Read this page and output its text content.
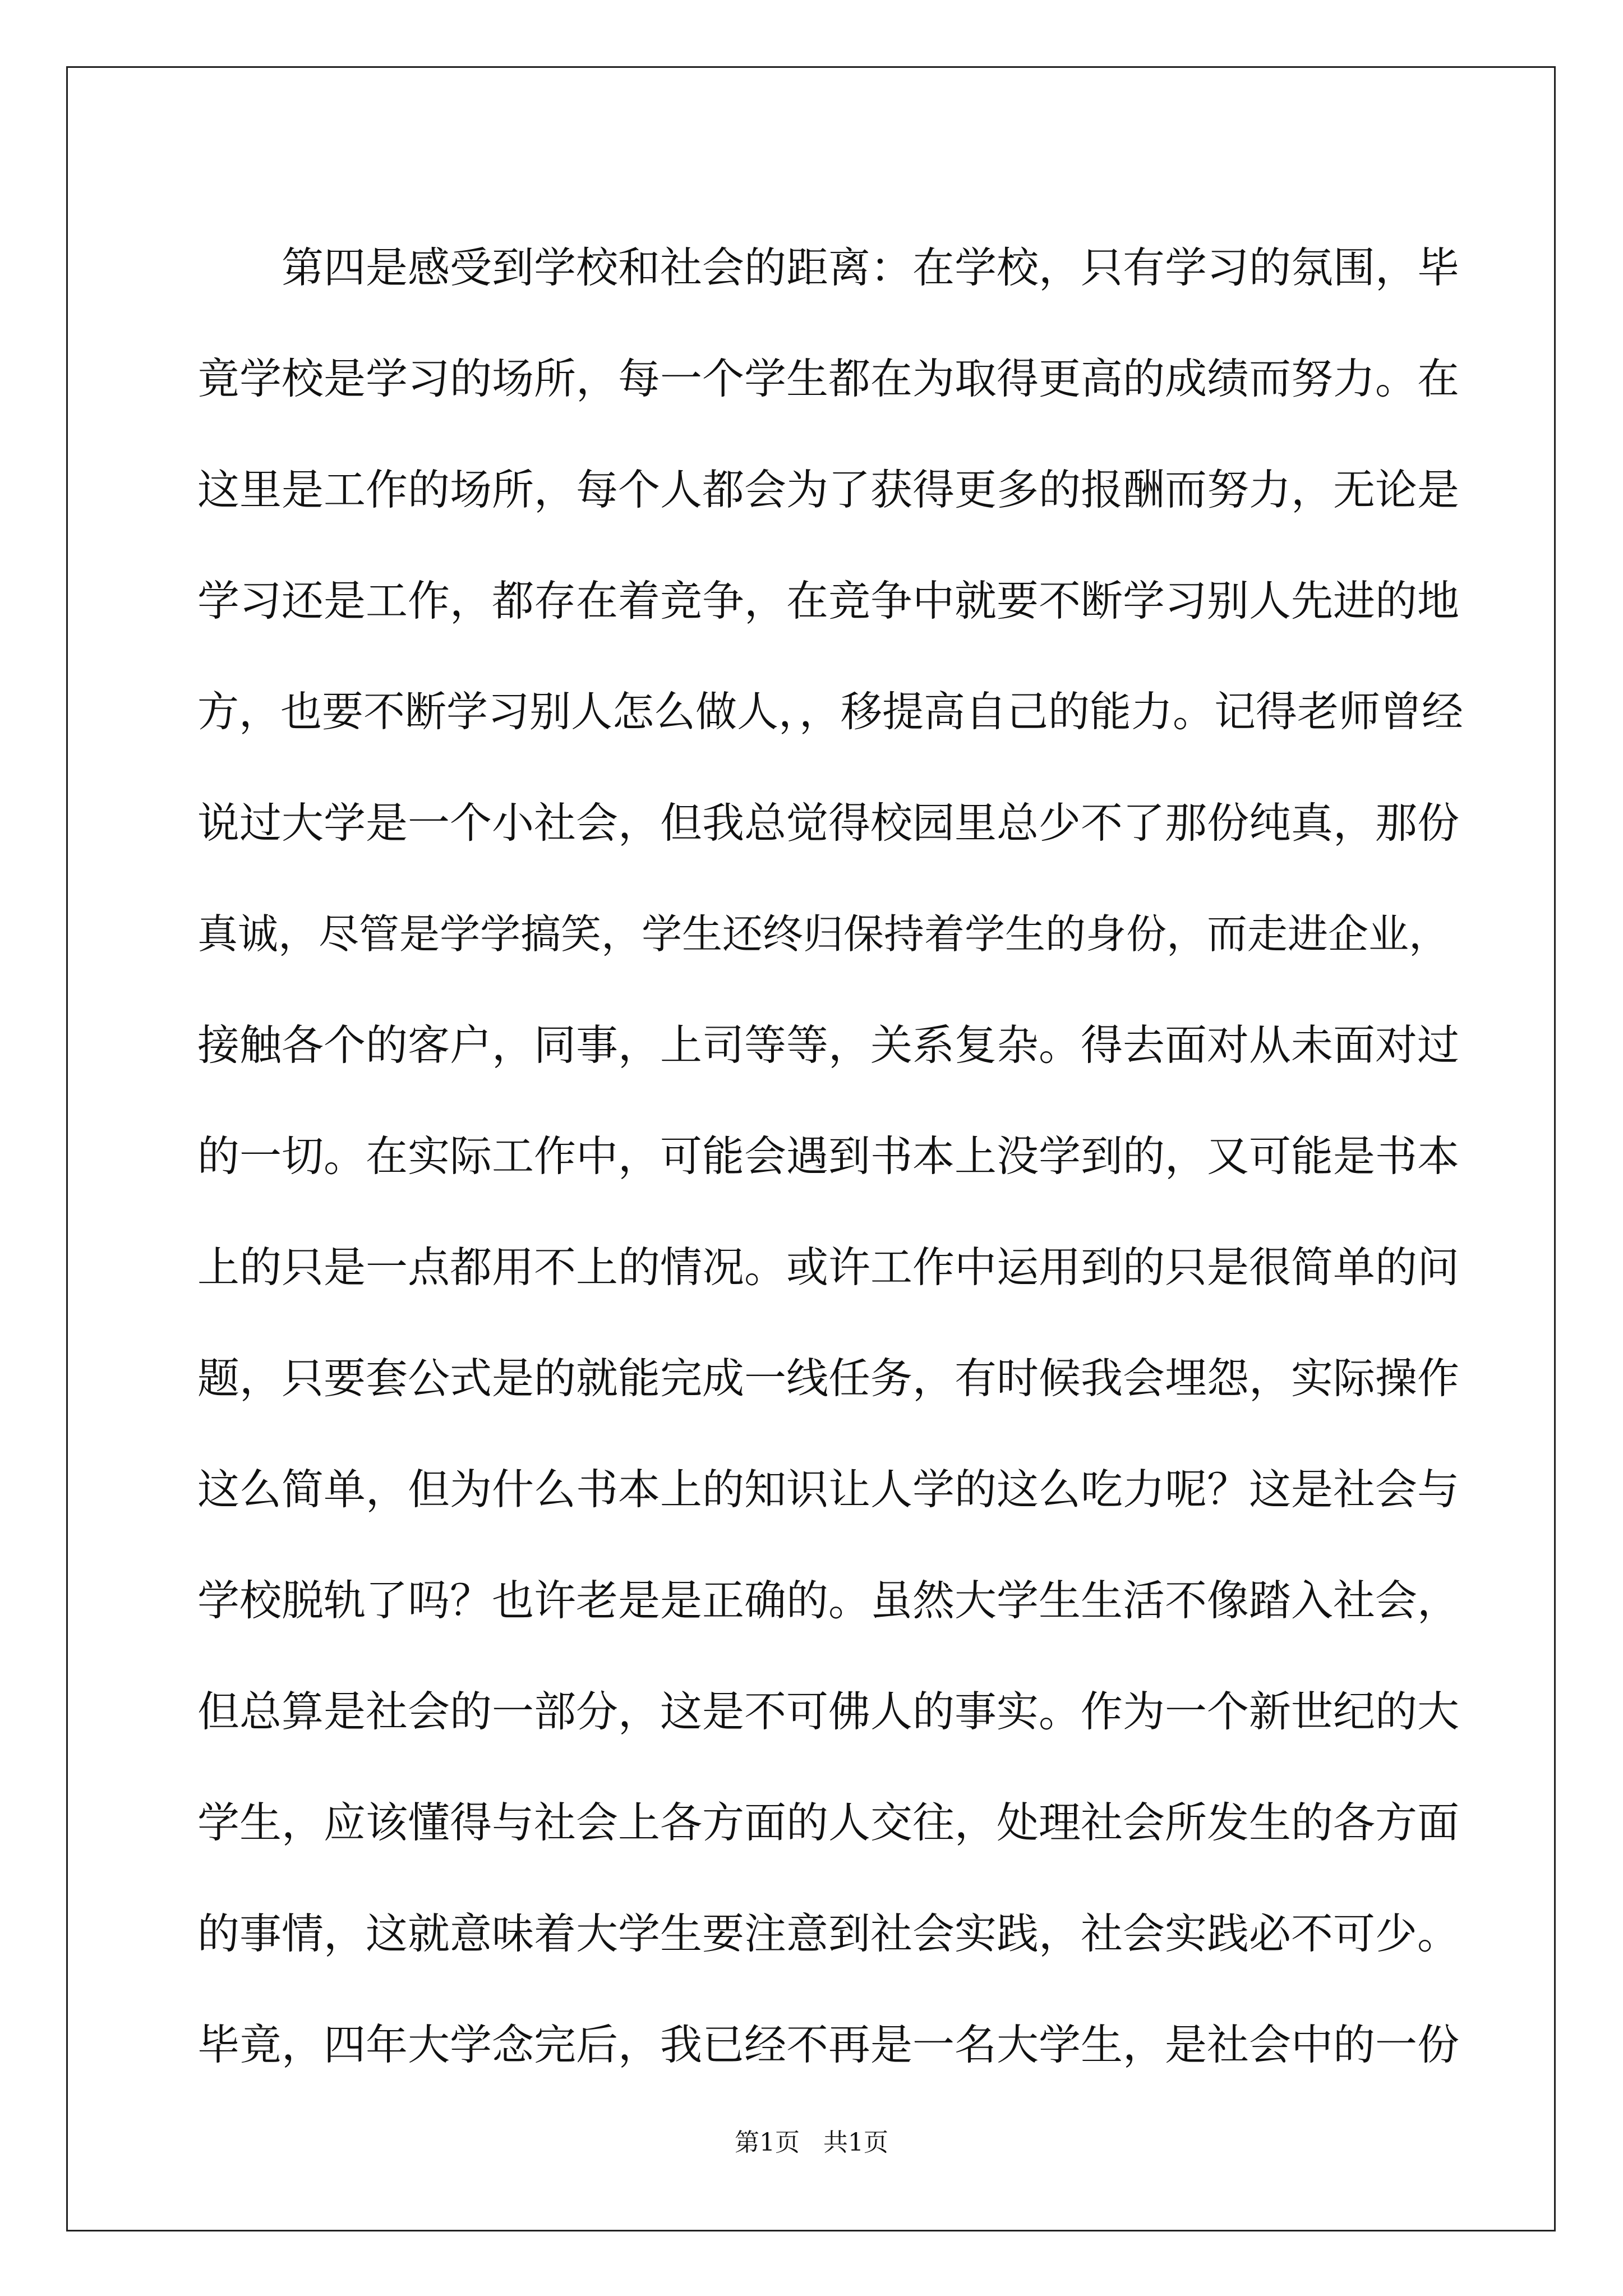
第四是感受到学校和社会的距离：在学校，只有学习的氛围，毕
竟学校是学习的场所，每一个学生都在为取得更高的成绩而努力。在
这里是工作的场所，每个人都会为了获得更多的报酬而努力，无论是
学习还是工作，都存在着竞争，在竞争中就要不断学习别人先进的地
方，也要不断学习别人怎么做人，，移提高自己的能力。记得老师曾经
说过大学是一个小社会，但我总觉得校园里总少不了那份纯真，那份
真诚，尽管是学学搞笑，学生还终归保持着学生的身份，而走进企业，
接触各个的客户，同事，上司等等，关系复杂。得去面对从未面对过
的一切。在实际工作中，可能会遇到书本上没学到的，又可能是书本
上的只是一点都用不上的情况。或许工作中运用到的只是很简单的问
题，只要套公式是的就能完成一线任务，有时候我会埋怨，实际操作
这么简单，但为什么书本上的知识让人学的这么吃力呢？这是社会与
学校脱轨了吗？也许老是是正确的。虽然大学生生活不像踏入社会，
但总算是社会的一部分，这是不可佛人的事实。作为一个新世纪的大
学生，应该懂得与社会上各方面的人交往，处理社会所发生的各方面
的事情，这就意味着大学生要注意到社会实践，社会实践必不可少。
毕竟，四年大学念完后，我已经不再是一名大学生，是社会中的一份
第1页   共1页
